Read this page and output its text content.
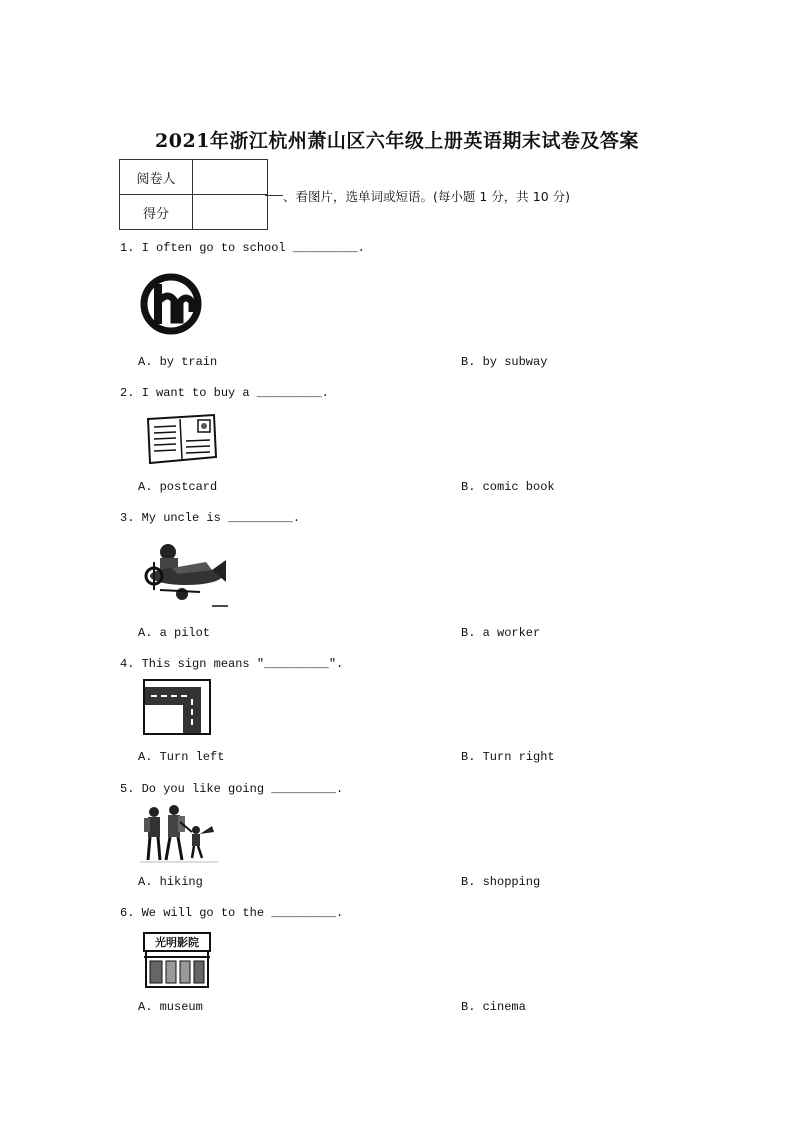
2021年浙江杭州萧山区六年级上册英语期末试卷及答案
阅卷人	
得分	
、看图片，选单词或短语。(每小题 1 分，共 10 分)
1. I often go to school _________.
A. by train	B. by subway
2. I want to buy a _________.
A. postcard	B. comic book
3. My uncle is _________.
A. a pilot	B. a worker
4. This sign means "_________".
A. Turn left	B. Turn right
5. Do you like going _________.
A. hiking	B. shopping
6. We will go to the _________.
光明影院
A. museum	B. cinema
